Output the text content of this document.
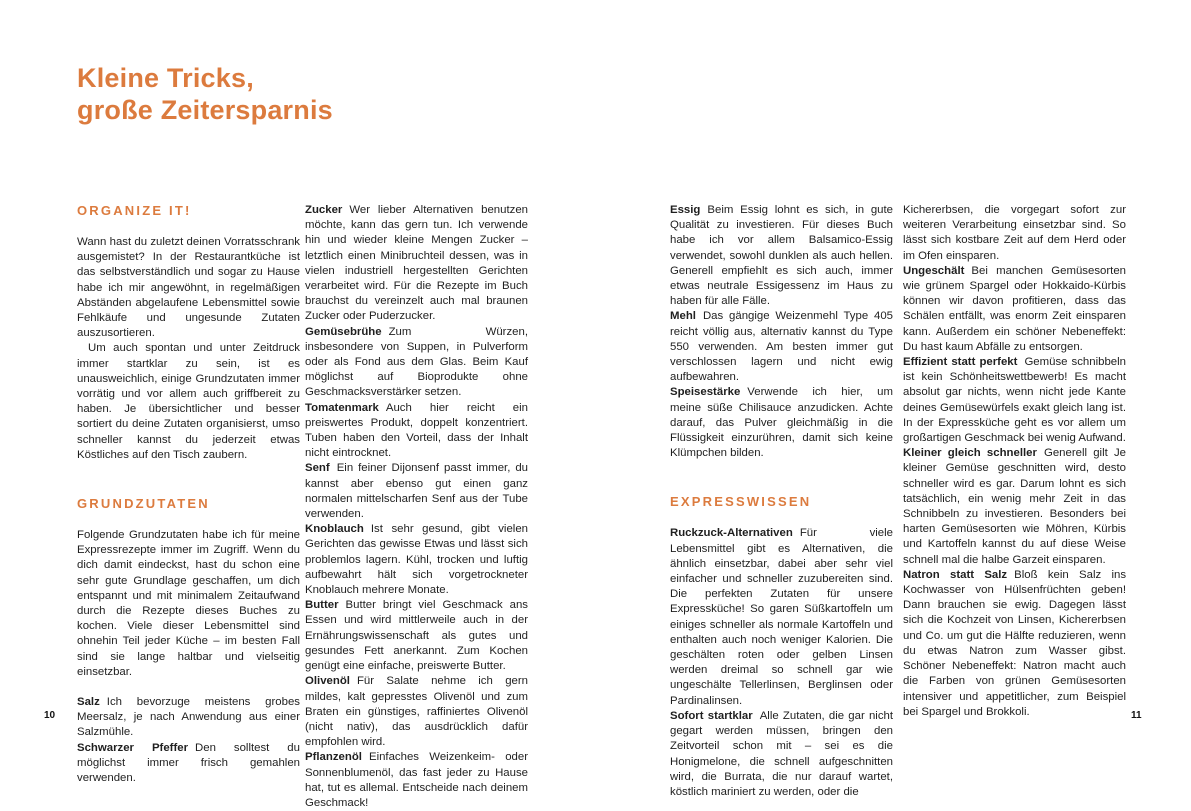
Kleine Tricks,
große Zeitersparnis
ORGANIZE IT!

Wann hast du zuletzt deinen Vorratsschrank ausgemistet? In der Restaurantküche ist das selbstverständlich und sogar zu Hause habe ich mir angewöhnt, in regelmäßigen Abständen abgelaufene Lebensmittel sowie Fehlkäufe und ungesunde Zutaten auszusortieren.

Um auch spontan und unter Zeitdruck immer startklar zu sein, ist es unausweichlich, einige Grundzutaten immer vorrätig und vor allem auch griffbereit zu haben. Je übersichtlicher und besser sortiert du deine Zutaten organisierst, umso schneller kannst du jederzeit etwas Köstliches auf den Tisch zaubern.

GRUNDZUTATEN

Folgende Grundzutaten habe ich für meine Expressrezepte immer im Zugriff. Wenn du dich damit eindeckst, hast du schon eine sehr gute Grundlage geschaffen, um dich entspannt und mit minimalem Zeitaufwand durch die Rezepte dieses Buches zu kochen. Viele dieser Lebensmittel sind ohnehin Teil jeder Küche – im besten Fall sind sie lange haltbar und vielseitig einsetzbar.

Salz Ich bevorzuge meistens grobes Meersalz, je nach Anwendung aus einer Salzmühle.

Schwarzer Pfeffer Den solltest du möglichst immer frisch gemahlen verwenden.

Zucker Wer lieber Alternativen benutzen möchte, kann das gern tun. Ich verwende hin und wieder kleine Mengen Zucker – letztlich einen Minibruchteil dessen, was in vielen industriell hergestellten Gerichten verarbeitet wird. Für die Rezepte im Buch brauchst du vereinzelt auch mal braunen Zucker oder Puderzucker.

Gemüsebrühe Zum Würzen, insbesondere von Suppen, in Pulverform oder als Fond aus dem Glas. Beim Kauf möglichst auf Bioprodukte ohne Geschmacksverstärker setzen.

Tomatenmark Auch hier reicht ein preiswertes Produkt, doppelt konzentriert. Tuben haben den Vorteil, dass der Inhalt nicht eintrocknet.

Senf Ein feiner Dijonsenf passt immer, du kannst aber ebenso gut einen ganz normalen mittelscharfen Senf aus der Tube verwenden.

Knoblauch Ist sehr gesund, gibt vielen Gerichten das gewisse Etwas und lässt sich problemlos lagern. Kühl, trocken und luftig aufbewahrt hält sich vorgetrockneter Knoblauch mehrere Monate.

Butter Butter bringt viel Geschmack ans Essen und wird mittlerweile auch in der Ernährungswissenschaft als gutes und gesundes Fett anerkannt. Zum Kochen genügt eine einfache, preiswerte Butter.

Olivenöl Für Salate nehme ich gern mildes, kalt gepresstes Olivenöl und zum Braten ein günstiges, raffiniertes Olivenöl (nicht nativ), das ausdrücklich dafür empfohlen wird.

Pflanzenöl Einfaches Weizenkeim- oder Sonnenblumenöl, das fast jeder zu Hause hat, tut es allemal. Entscheide nach deinem Geschmack!

Essig Beim Essig lohnt es sich, in gute Qualität zu investieren. Für dieses Buch habe ich vor allem Balsamico-Essig verwendet, sowohl dunklen als auch hellen. Generell empfiehlt es sich auch, immer etwas neutrale Essigessenz im Haus zu haben für alle Fälle.

Mehl Das gängige Weizenmehl Type 405 reicht völlig aus, alternativ kannst du Type 550 verwenden. Am besten immer gut verschlossen lagern und nicht ewig aufbewahren.

Speisestärke Verwende ich hier, um meine süße Chilisauce anzudicken. Achte darauf, das Pulver gleichmäßig in die Flüssigkeit einzurühren, damit sich keine Klümpchen bilden.

EXPRESSWISSEN

Ruckzuck-Alternativen Für viele Lebensmittel gibt es Alternativen, die ähnlich einsetzbar, dabei aber sehr viel einfacher und schneller zuzubereiten sind. Die perfekten Zutaten für unsere Expressküche! So garen Süßkartoffeln um einiges schneller als normale Kartoffeln und enthalten auch noch weniger Kalorien. Die geschälten roten oder gelben Linsen werden dreimal so schnell gar wie ungeschälte Tellerlinsen, Berglinsen oder Pardinalinsen.

Sofort startklar Alle Zutaten, die gar nicht gegart werden müssen, bringen den Zeitvorteil schon mit – sei es die Honigmelone, die schnell aufgeschnitten wird, die Burrata, die nur darauf wartet, köstlich mariniert zu werden, oder die

Kichererbsen, die vorgegart sofort zur weiteren Verarbeitung einsetzbar sind. So lässt sich kostbare Zeit auf dem Herd oder im Ofen einsparen.

Ungeschält Bei manchen Gemüsesorten wie grünem Spargel oder Hokkaido-Kürbis können wir davon profitieren, dass das Schälen entfällt, was enorm Zeit einsparen kann. Außerdem ein schöner Nebeneffekt: Du hast kaum Abfälle zu entsorgen.

Effizient statt perfekt Gemüse schnibbeln ist kein Schönheitswettbewerb! Es macht absolut gar nichts, wenn nicht jede Kante deines Gemüsewürfels exakt gleich lang ist. In der Expressküche geht es vor allem um großartigen Geschmack bei wenig Aufwand.

Kleiner gleich schneller Generell gilt Je kleiner Gemüse geschnitten wird, desto schneller wird es gar. Darum lohnt es sich tatsächlich, ein wenig mehr Zeit in das Schnibbeln zu investieren. Besonders bei harten Gemüsesorten wie Möhren, Kürbis und Kartoffeln kannst du auf diese Weise schnell mal die halbe Garzeit einsparen.

Natron statt Salz Bloß kein Salz ins Kochwasser von Hülsenfrüchten geben! Dann brauchen sie ewig. Dagegen lässt sich die Kochzeit von Linsen, Kichererbsen und Co. um gut die Hälfte reduzieren, wenn du etwas Natron zum Wasser gibst. Schöner Nebeneffekt: Natron macht auch die Farben von grünen Gemüsesorten intensiver und appetitlicher, zum Beispiel bei Spargel und Brokkoli.

10	11
